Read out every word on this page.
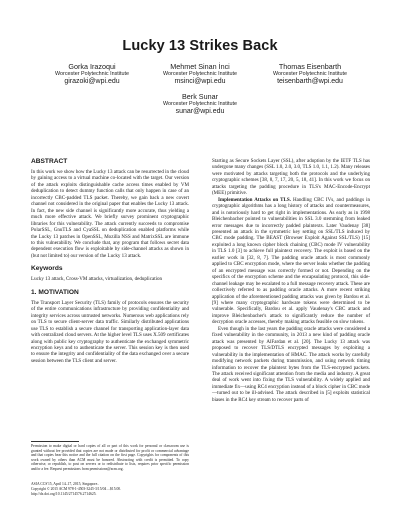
Lucky 13 Strikes Back
Gorka Irazoqui
Worcester Polytechnic Institute
girazoki@wpi.edu
Mehmet Sinan İnci
Worcester Polytechnic Institute
msinci@wpi.edu
Thomas Eisenbarth
Worcester Polytechnic Institute
teisenbarth@wpi.edu
Berk Sunar
Worcester Polytechnic Institute
sunar@wpi.edu
ABSTRACT

In this work we show how the Lucky 13 attack can be resurrected in the cloud by gaining access to a virtual machine co-located with the target. Our version of the attack exploits distinguishable cache access times enabled by VM deduplication to detect dummy function calls that only happen in case of an incorrectly CBC-padded TLS packet. Thereby, we gain back a new covert channel not considered in the original paper that enables the Lucky 13 attack. In fact, the new side channel is significantly more accurate, thus yielding a much more effective attack. We briefly survey prominent cryptographic libraries for this vulnerability. The attack currently succeeds to compromise PolarSSL, GnuTLS and CyaSSL on deduplication enabled platforms while the Lucky 13 patches in OpenSSL, Mozilla NSS and MatrixSSL are immune to this vulnerability. We conclude that, any program that follows secret data dependent execution flow is exploitable by side-channel attacks as shown in (but not limited to) our version of the Lucky 13 attack.

Keywords

Lucky 13 attack, Cross-VM attacks, virtualization, deduplication

1. MOTIVATION

The Transport Layer Security (TLS) family of protocols ensures the security of the entire communications infrastructure by providing confidentiality and integrity services across untrusted networks. Numerous web applications rely on TLS to secure client-server data traffic. Similarly distributed applications use TLS to establish a secure channel for transporting application-layer data with centralized cloud servers. At the higher level TLS uses X.509 certificates along with public key cryptography to authenticate the exchanged symmetric encryption keys and to authenticate the server. This session key is then used to ensure the integrity and confidentiality of the data exchanged over a secure session between the TLS client and server.

Permission to make digital or hard copies of all or part of this work for personal or classroom use is granted without fee provided that copies are not made or distributed for profit or commercial advantage and that copies bear this notice and the full citation on the first page. Copyrights for components of this work owned by others than ACM must be honored. Abstracting with credit is permitted. To copy otherwise, or republish, to post on servers or to redistribute to lists, requires prior specific permission and/or a fee. Request permissions from permissions@acm.org.

ASIA CCS'15, April 14–17, 2015, Singapore..

Copyright © 2015 ACM 978-1-4503-3245-3/15/04 ...$15.00.

http://dx.doi.org/10.1145/2714576.2714625.

Starting as Secure Sockets Layer (SSL), after adoption by the IETF TLS has undergone many changes (SSL 1.0, 2.0, 3.0, TLS 1.0, 1.1, 1.2). Many releases were motivated by attacks targeting both the protocols and the underlying cryptographic schemes [38, 8, 7, 17, 20, 5, 18, 41]. In this work we focus on attacks targeting the padding procedure in TLS's MAC-Encode-Encrypt (MEE) primitive.

Implementation Attacks on TLS. Handling CBC IVs, and paddings in cryptographic algorithms has a long history of attacks and countermeasures, and is notoriously hard to get right in implementations. As early as in 1998 Bleichenbacher pointed to vulnerabilities in SSL 3.0 stemming from leaked error messages due to incorrectly padded plaintexts. Later Vaudenay [38] presented an attack in the symmetric key setting on SSL/TLS induced by CBC mode padding. The BEAST (Browser Exploit Against SSL/TLS) [15] exploited a long known cipher block chaining (CBC) mode IV vulnerability in TLS 1.0 [3] to achieve full plaintext recovery. The exploit is based on the earlier work in [32, 8, 7]. The padding oracle attack is most commonly applied to CBC encryption mode, where the server leaks whether the padding of an encrypted message was correctly formed or not. Depending on the specifics of the encryption scheme and the encapsulating protocol, this side-channel leakage may be escalated to a full message recovery attack. These are collectively referred to as padding oracle attacks. A more recent striking application of the aforementioned padding attacks was given by Bardou et al. [9] where many cryptographic hardware tokens were determined to be vulnerable. Specifically, Bardou et al. apply Vaudenay's CBC attack and improve Bleichenbacher's attack to significantly reduce the number of decryption oracle accesses, thereby making attacks feasible on slow tokens.

Even though in the last years the padding oracle attacks were considered a fixed vulnerability in the community, in 2013 a new kind of padding oracle attack was presented by AlFardan et al. [20]. The Lucky 13 attack was proposed to recover TLS/DTLS encrypted messages by exploiting a vulnerability in the implementation of HMAC. The attack works by carefully modifying network packets during transmission, and using network timing information to recover the plaintext bytes from the TLS-encrypted packets. The attack received significant attention from the media and industry. A great deal of work went into fixing the TLS vulnerability. A widely applied and immediate fix—using RC4 encryption instead of a block cipher in CBC mode—turned out to be ill-advised. The attack described in [5] exploits statistical biases in the RC4 key stream to recover parts of
